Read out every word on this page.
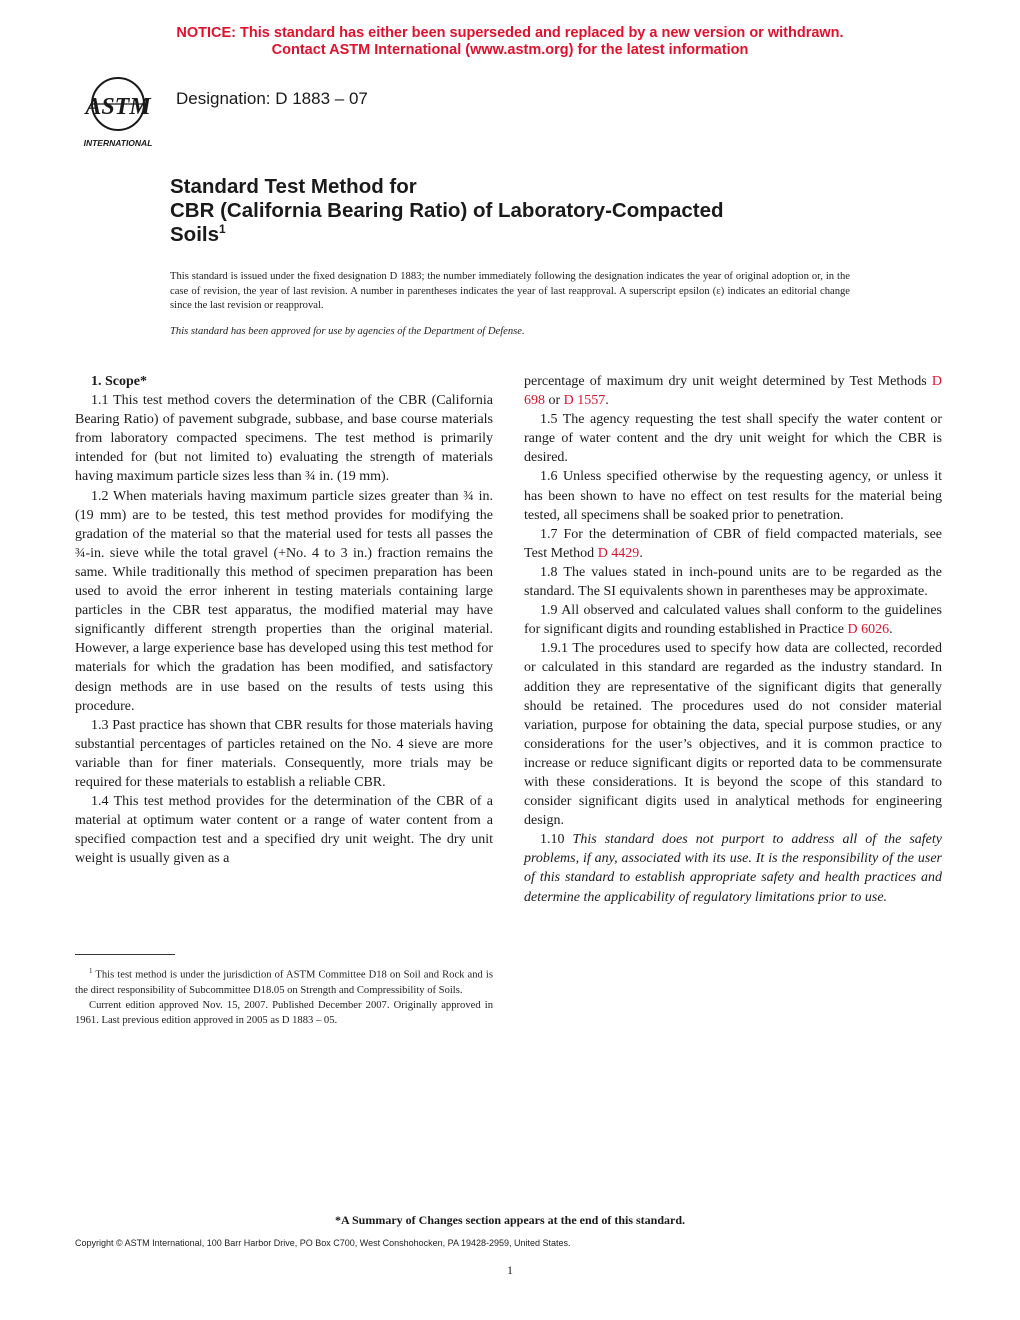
NOTICE: This standard has either been superseded and replaced by a new version or withdrawn.
Contact ASTM International (www.astm.org) for the latest information
ASTM
INTERNATIONAL
Designation: D 1883 – 07
Standard Test Method for
CBR (California Bearing Ratio) of Laboratory-Compacted
Soils$^1$
This standard is issued under the fixed designation D 1883; the number immediately following the designation indicates the year of original adoption or, in the case of revision, the year of last revision. A number in parentheses indicates the year of last reapproval. A superscript epsilon (ε) indicates an editorial change since the last revision or reapproval.
This standard has been approved for use by agencies of the Department of Defense.

1. Scope*

1.1 This test method covers the determination of the CBR (California Bearing Ratio) of pavement subgrade, subbase, and base course materials from laboratory compacted specimens. The test method is primarily intended for (but not limited to) evaluating the strength of materials having maximum particle sizes less than ¾ in. (19 mm).

1.2 When materials having maximum particle sizes greater than ¾ in. (19 mm) are to be tested, this test method provides for modifying the gradation of the material so that the material used for tests all passes the ¾-in. sieve while the total gravel (+No. 4 to 3 in.) fraction remains the same. While traditionally this method of specimen preparation has been used to avoid the error inherent in testing materials containing large particles in the CBR test apparatus, the modified material may have significantly different strength properties than the original material. However, a large experience base has developed using this test method for materials for which the gradation has been modified, and satisfactory design methods are in use based on the results of tests using this procedure.

1.3 Past practice has shown that CBR results for those materials having substantial percentages of particles retained on the No. 4 sieve are more variable than for finer materials. Consequently, more trials may be required for these materials to establish a reliable CBR.

1.4 This test method provides for the determination of the CBR of a material at optimum water content or a range of water content from a specified compaction test and a specified dry unit weight. The dry unit weight is usually given as a

$^1$ This test method is under the jurisdiction of ASTM Committee D18 on Soil and Rock and is the direct responsibility of Subcommittee D18.05 on Strength and Compressibility of Soils.

Current edition approved Nov. 15, 2007. Published December 2007. Originally approved in 1961. Last previous edition approved in 2005 as D 1883 – 05.

percentage of maximum dry unit weight determined by Test Methods D 698 or D 1557.

1.5 The agency requesting the test shall specify the water content or range of water content and the dry unit weight for which the CBR is desired.

1.6 Unless specified otherwise by the requesting agency, or unless it has been shown to have no effect on test results for the material being tested, all specimens shall be soaked prior to penetration.

1.7 For the determination of CBR of field compacted materials, see Test Method D 4429.

1.8 The values stated in inch-pound units are to be regarded as the standard. The SI equivalents shown in parentheses may be approximate.

1.9 All observed and calculated values shall conform to the guidelines for significant digits and rounding established in Practice D 6026.

1.9.1 The procedures used to specify how data are collected, recorded or calculated in this standard are regarded as the industry standard. In addition they are representative of the significant digits that generally should be retained. The procedures used do not consider material variation, purpose for obtaining the data, special purpose studies, or any considerations for the user’s objectives, and it is common practice to increase or reduce significant digits or reported data to be commensurate with these considerations. It is beyond the scope of this standard to consider significant digits used in analytical methods for engineering design.

1.10 This standard does not purport to address all of the safety problems, if any, associated with its use. It is the responsibility of the user of this standard to establish appropriate safety and health practices and determine the applicability of regulatory limitations prior to use.

*A Summary of Changes section appears at the end of this standard.
Copyright © ASTM International, 100 Barr Harbor Drive, PO Box C700, West Conshohocken, PA 19428-2959, United States.
1
